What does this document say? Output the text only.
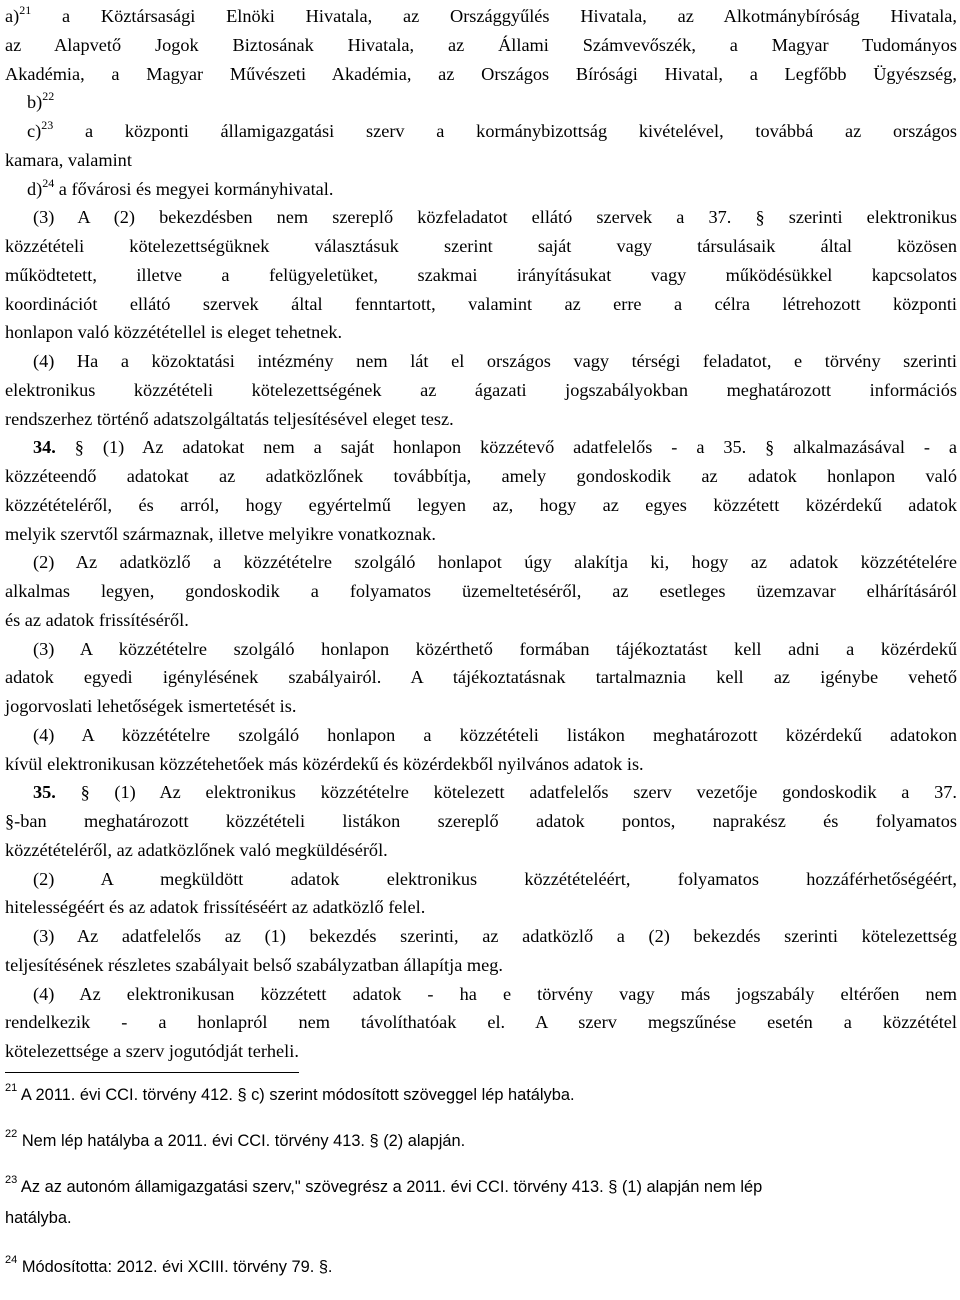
a)$^{21}$ a Köztársasági Elnöki Hivatala, az Országgyűlés Hivatala, az Alkotmánybíróság Hivatala,

az Alapvető Jogok Biztosának Hivatala, az Állami Számvevőszék, a Magyar Tudományos

Akadémia, a Magyar Művészeti Akadémia, az Országos Bírósági Hivatal, a Legfőbb Ügyészség,

b)$^{22}$

c)$^{23}$ a központi államigazgatási szerv a kormánybizottság kivételével, továbbá az országos

kamara, valamint

d)$^{24}$ a fővárosi és megyei kormányhivatal.

(3) A (2) bekezdésben nem szereplő közfeladatot ellátó szervek a 37. § szerinti elektronikus

közzétételi kötelezettségüknek választásuk szerint saját vagy társulásaik által közösen

működtetett, illetve a felügyeletüket, szakmai irányításukat vagy működésükkel kapcsolatos

koordinációt ellátó szervek által fenntartott, valamint az erre a célra létrehozott központi

honlapon való közzététellel is eleget tehetnek.

(4) Ha a közoktatási intézmény nem lát el országos vagy térségi feladatot, e törvény szerinti

elektronikus közzétételi kötelezettségének az ágazati jogszabályokban meghatározott információs

rendszerhez történő adatszolgáltatás teljesítésével eleget tesz.

34. § (1) Az adatokat nem a saját honlapon közzétevő adatfelelős - a 35. § alkalmazásával - a

közzéteendő adatokat az adatközlőnek továbbítja, amely gondoskodik az adatok honlapon való

közzétételéről, és arról, hogy egyértelmű legyen az, hogy az egyes közzétett közérdekű adatok

melyik szervtől származnak, illetve melyikre vonatkoznak.

(2) Az adatközlő a közzétételre szolgáló honlapot úgy alakítja ki, hogy az adatok közzétételére

alkalmas legyen, gondoskodik a folyamatos üzemeltetéséről, az esetleges üzemzavar elhárításáról

és az adatok frissítéséről.

(3) A közzétételre szolgáló honlapon közérthető formában tájékoztatást kell adni a közérdekű

adatok egyedi igénylésének szabályairól. A tájékoztatásnak tartalmaznia kell az igénybe vehető

jogorvoslati lehetőségek ismertetését is.

(4) A közzétételre szolgáló honlapon a közzétételi listákon meghatározott közérdekű adatokon

kívül elektronikusan közzétehetőek más közérdekű és közérdekből nyilvános adatok is.

35. § (1) Az elektronikus közzétételre kötelezett adatfelelős szerv vezetője gondoskodik a 37.

§-ban meghatározott közzétételi listákon szereplő adatok pontos, naprakész és folyamatos

közzétételéről, az adatközlőnek való megküldéséről.

(2) A megküldött adatok elektronikus közzétételéért, folyamatos hozzáférhetőségéért,

hitelességéért és az adatok frissítéséért az adatközlő felel.

(3) Az adatfelelős az (1) bekezdés szerinti, az adatközlő a (2) bekezdés szerinti kötelezettség

teljesítésének részletes szabályait belső szabályzatban állapítja meg.

(4) Az elektronikusan közzétett adatok - ha e törvény vagy más jogszabály eltérően nem

rendelkezik - a honlapról nem távolíthatóak el. A szerv megszűnése esetén a közzététel

kötelezettsége a szerv jogutódját terheli.

$^{21}$ A 2011. évi CCI. törvény 412. § c) szerint módosított szöveggel lép hatályba.

$^{22}$ Nem lép hatályba a 2011. évi CCI. törvény 413. § (2) alapján.

$^{23}$ Az az autonóm államigazgatási szerv," szövegrész a 2011. évi CCI. törvény 413. § (1) alapján nem lép
hatályba.

$^{24}$ Módosította: 2012. évi XCIII. törvény 79. §.
